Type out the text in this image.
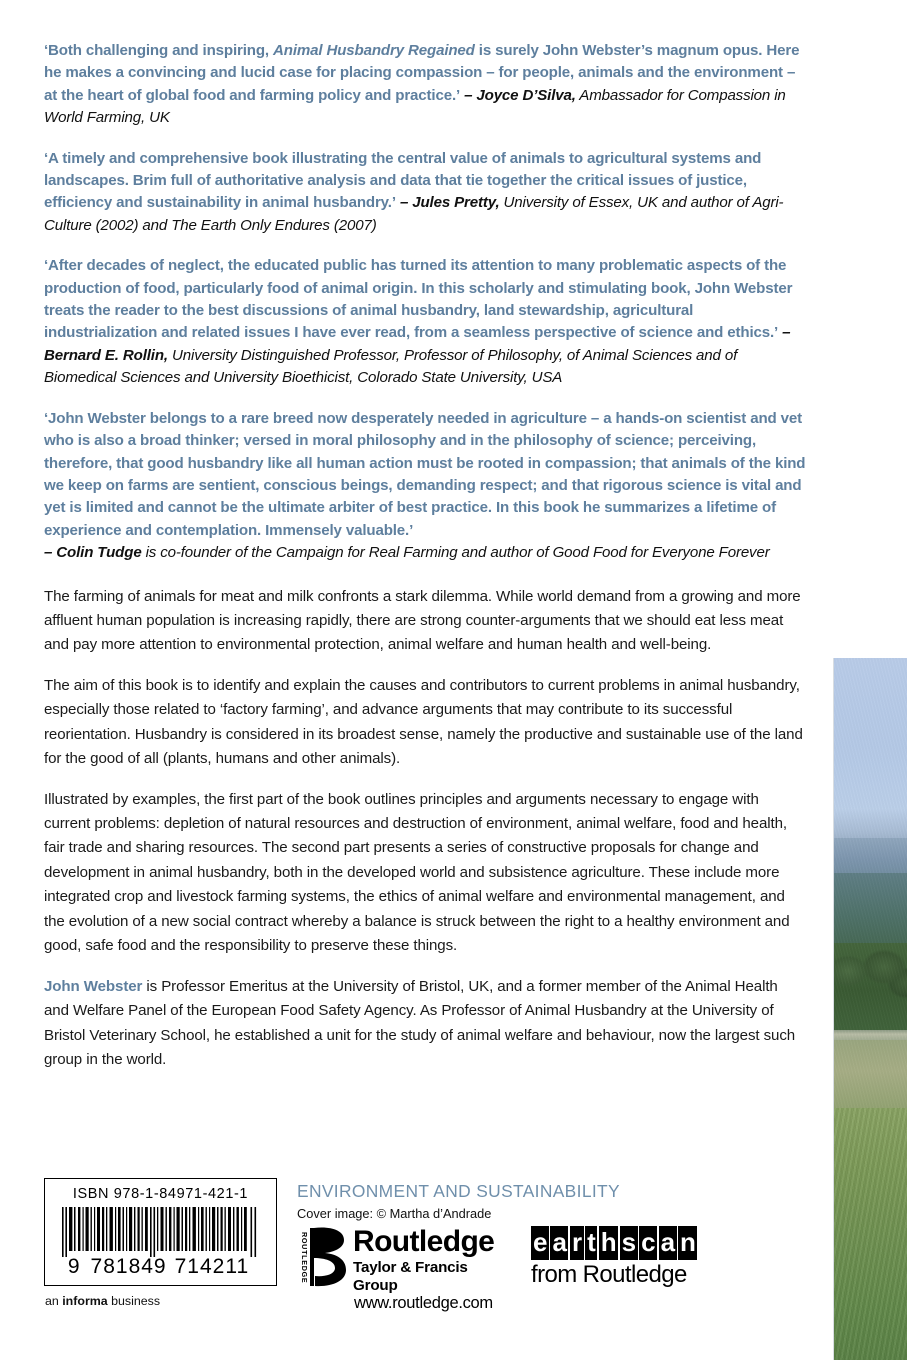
‘Both challenging and inspiring, Animal Husbandry Regained is surely John Webster’s magnum opus. Here he makes a convincing and lucid case for placing compassion – for people, animals and the environment – at the heart of global food and farming policy and practice.’ – Joyce D’Silva, Ambassador for Compassion in World Farming, UK

‘A timely and comprehensive book illustrating the central value of animals to agricultural systems and landscapes. Brim full of authoritative analysis and data that tie together the critical issues of justice, efficiency and sustainability in animal husbandry.’ – Jules Pretty, University of Essex, UK and author of Agri-Culture (2002) and The Earth Only Endures (2007)

‘After decades of neglect, the educated public has turned its attention to many problematic aspects of the production of food, particularly food of animal origin. In this scholarly and stimulating book, John Webster treats the reader to the best discussions of animal husbandry, land stewardship, agricultural industrialization and related issues I have ever read, from a seamless perspective of science and ethics.’ – Bernard E. Rollin, University Distinguished Professor, Professor of Philosophy, of Animal Sciences and of Biomedical Sciences and University Bioethicist, Colorado State University, USA

‘John Webster belongs to a rare breed now desperately needed in agriculture – a hands-on scientist and vet who is also a broad thinker; versed in moral philosophy and in the philosophy of science; perceiving, therefore, that good husbandry like all human action must be rooted in compassion; that animals of the kind we keep on farms are sentient, conscious beings, demanding respect; and that rigorous science is vital and yet is limited and cannot be the ultimate arbiter of best practice. In this book he summarizes a lifetime of experience and contemplation. Immensely valuable.’
– Colin Tudge is co-founder of the Campaign for Real Farming and author of Good Food for Everyone Forever

The farming of animals for meat and milk confronts a stark dilemma. While world demand from a growing and more affluent human population is increasing rapidly, there are strong counter-arguments that we should eat less meat and pay more attention to environmental protection, animal welfare and human health and well-being.

The aim of this book is to identify and explain the causes and contributors to current problems in animal husbandry, especially those related to ‘factory farming’, and advance arguments that may contribute to its successful reorientation. Husbandry is considered in its broadest sense, namely the productive and sustainable use of the land for the good of all (plants, humans and other animals).

Illustrated by examples, the first part of the book outlines principles and arguments necessary to engage with current problems: depletion of natural resources and destruction of environment, animal welfare, food and health, fair trade and sharing resources. The second part presents a series of constructive proposals for change and development in animal husbandry, both in the developed world and subsistence agriculture. These include more integrated crop and livestock farming systems, the ethics of animal welfare and environmental management, and the evolution of a new social contract whereby a balance is struck between the right to a healthy environment and good, safe food and the responsibility to preserve these things.

John Webster is Professor Emeritus at the University of Bristol, UK, and a former member of the Animal Health and Welfare Panel of the European Food Safety Agency. As Professor of Animal Husbandry at the University of Bristol Veterinary School, he established a unit for the study of animal welfare and behaviour, now the largest such group in the world.

ISBN 978-1-84971-421-1
9 781849 714211
an informa business
ENVIRONMENT AND SUSTAINABILITY
Cover image: © Martha d’Andrade
ROUTLEDGE Routledge
Taylor & Francis Group
www.routledge.com
e a r t h s c a n
from Routledge
